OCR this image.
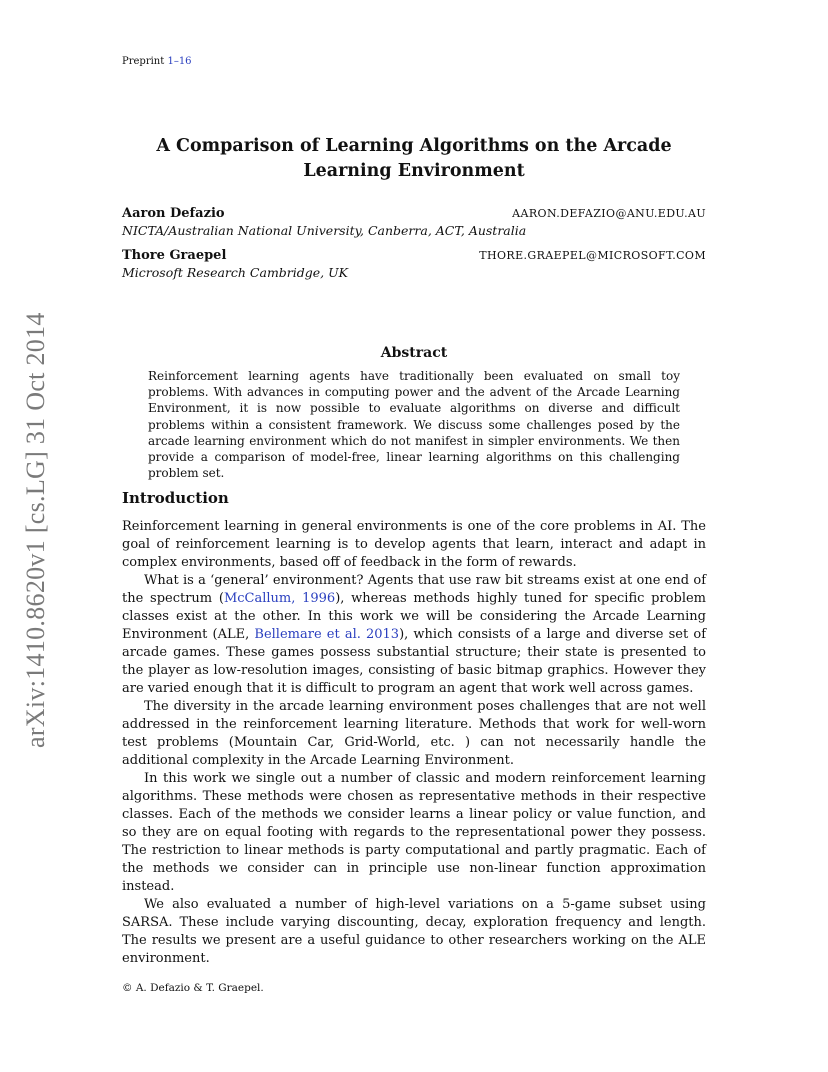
Preprint 1–16
arXiv:1410.8620v1 [cs.LG] 31 Oct 2014
A Comparison of Learning Algorithms on the Arcade
Learning Environment
Aaron Defazio	AARON.DEFAZIO@ANU.EDU.AU
NICTA/Australian National University, Canberra, ACT, Australia
Thore Graepel	THORE.GRAEPEL@MICROSOFT.COM
Microsoft Research Cambridge, UK
Abstract
Reinforcement learning agents have traditionally been evaluated on small toy problems. With advances in computing power and the advent of the Arcade Learning Environment, it is now possible to evaluate algorithms on diverse and difficult problems within a consistent framework. We discuss some challenges posed by the arcade learning environment which do not manifest in simpler environments. We then provide a comparison of model-free, linear learning algorithms on this challenging problem set.
Introduction

Reinforcement learning in general environments is one of the core problems in AI. The goal of reinforcement learning is to develop agents that learn, interact and adapt in complex environments, based off of feedback in the form of rewards.

What is a ‘general’ environment? Agents that use raw bit streams exist at one end of the spectrum (McCallum, 1996), whereas methods highly tuned for specific problem classes exist at the other. In this work we will be considering the Arcade Learning Environment (ALE, Bellemare et al. 2013), which consists of a large and diverse set of arcade games. These games possess substantial structure; their state is presented to the player as low-resolution images, consisting of basic bitmap graphics. However they are varied enough that it is difficult to program an agent that work well across games.

The diversity in the arcade learning environment poses challenges that are not well addressed in the reinforcement learning literature. Methods that work for well-worn test problems (Mountain Car, Grid-World, etc. ) can not necessarily handle the additional complexity in the Arcade Learning Environment.

In this work we single out a number of classic and modern reinforcement learning algorithms. These methods were chosen as representative methods in their respective classes. Each of the methods we consider learns a linear policy or value function, and so they are on equal footing with regards to the representational power they possess. The restriction to linear methods is party computational and partly pragmatic. Each of the methods we consider can in principle use non-linear function approximation instead.

We also evaluated a number of high-level variations on a 5-game subset using SARSA. These include varying discounting, decay, exploration frequency and length. The results we present are a useful guidance to other researchers working on the ALE environment.

© A. Defazio & T. Graepel.
